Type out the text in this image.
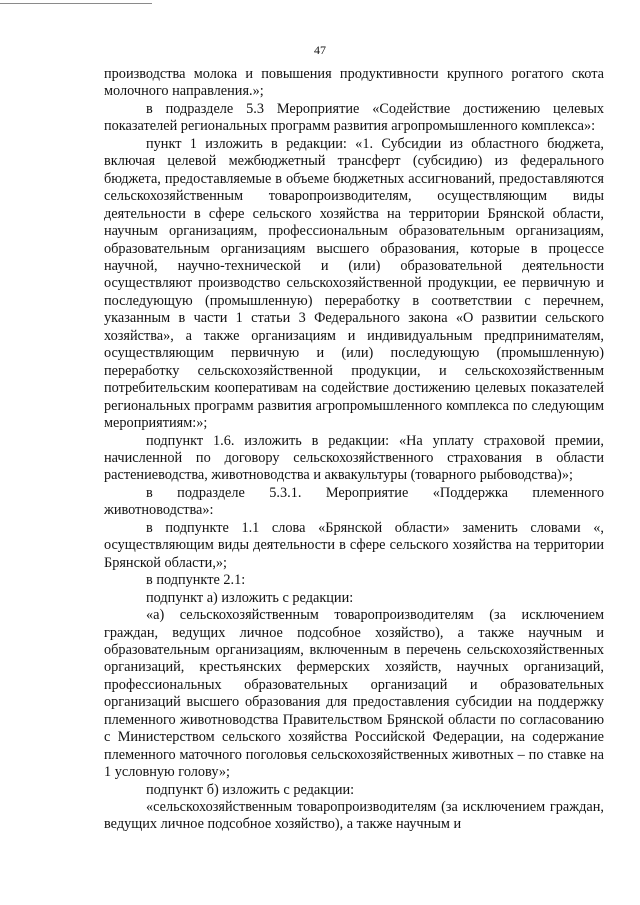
47

производства молока и повышения продуктивности крупного рогатого скота молочного направления.»;

в подразделе 5.3 Мероприятие «Содействие достижению целевых показателей региональных программ развития агропромышленного комплекса»:

пункт 1 изложить в редакции: «1. Субсидии из областного бюджета, включая целевой межбюджетный трансферт (субсидию) из федерального бюджета, предоставляемые в объеме бюджетных ассигнований, предоставляются сельскохозяйственным товаропроизводителям, осуществляющим виды деятельности в сфере сельского хозяйства на территории Брянской области, научным организациям, профессиональным образовательным организациям, образовательным организациям высшего образования, которые в процессе научной, научно-технической и (или) образовательной деятельности осуществляют производство сельскохозяйственной продукции, ее первичную и последующую (промышленную) переработку в соответствии с перечнем, указанным в части 1 статьи 3 Федерального закона «О развитии сельского хозяйства», а также организациям и индивидуальным предпринимателям, осуществляющим первичную и (или) последующую (промышленную) переработку сельскохозяйственной продукции, и сельскохозяйственным потребительским кооперативам на содействие достижению целевых показателей региональных программ развития агропромышленного комплекса по следующим мероприятиям:»;

подпункт 1.6. изложить в редакции: «На уплату страховой премии, начисленной по договору сельскохозяйственного страхования в области растениеводства, животноводства и аквакультуры (товарного рыбоводства)»;

в подразделе 5.3.1. Мероприятие «Поддержка племенного животноводства»:

в подпункте 1.1 слова «Брянской области» заменить словами «, осуществляющим виды деятельности в сфере сельского хозяйства на территории Брянской области,»;

в подпункте 2.1:

подпункт а) изложить с редакции:

«а) сельскохозяйственным товаропроизводителям (за исключением граждан, ведущих личное подсобное хозяйство), а также научным и образовательным организациям, включенным в перечень сельскохозяйственных организаций, крестьянских фермерских хозяйств, научных организаций, профессиональных образовательных организаций и образовательных организаций высшего образования для предоставления субсидии на поддержку племенного животноводства Правительством Брянской области по согласованию с Министерством сельского хозяйства Российской Федерации, на содержание племенного маточного поголовья сельскохозяйственных животных – по ставке на 1 условную голову»;

подпункт б) изложить с редакции:

«сельскохозяйственным товаропроизводителям (за исключением граждан, ведущих личное подсобное хозяйство), а также научным и
